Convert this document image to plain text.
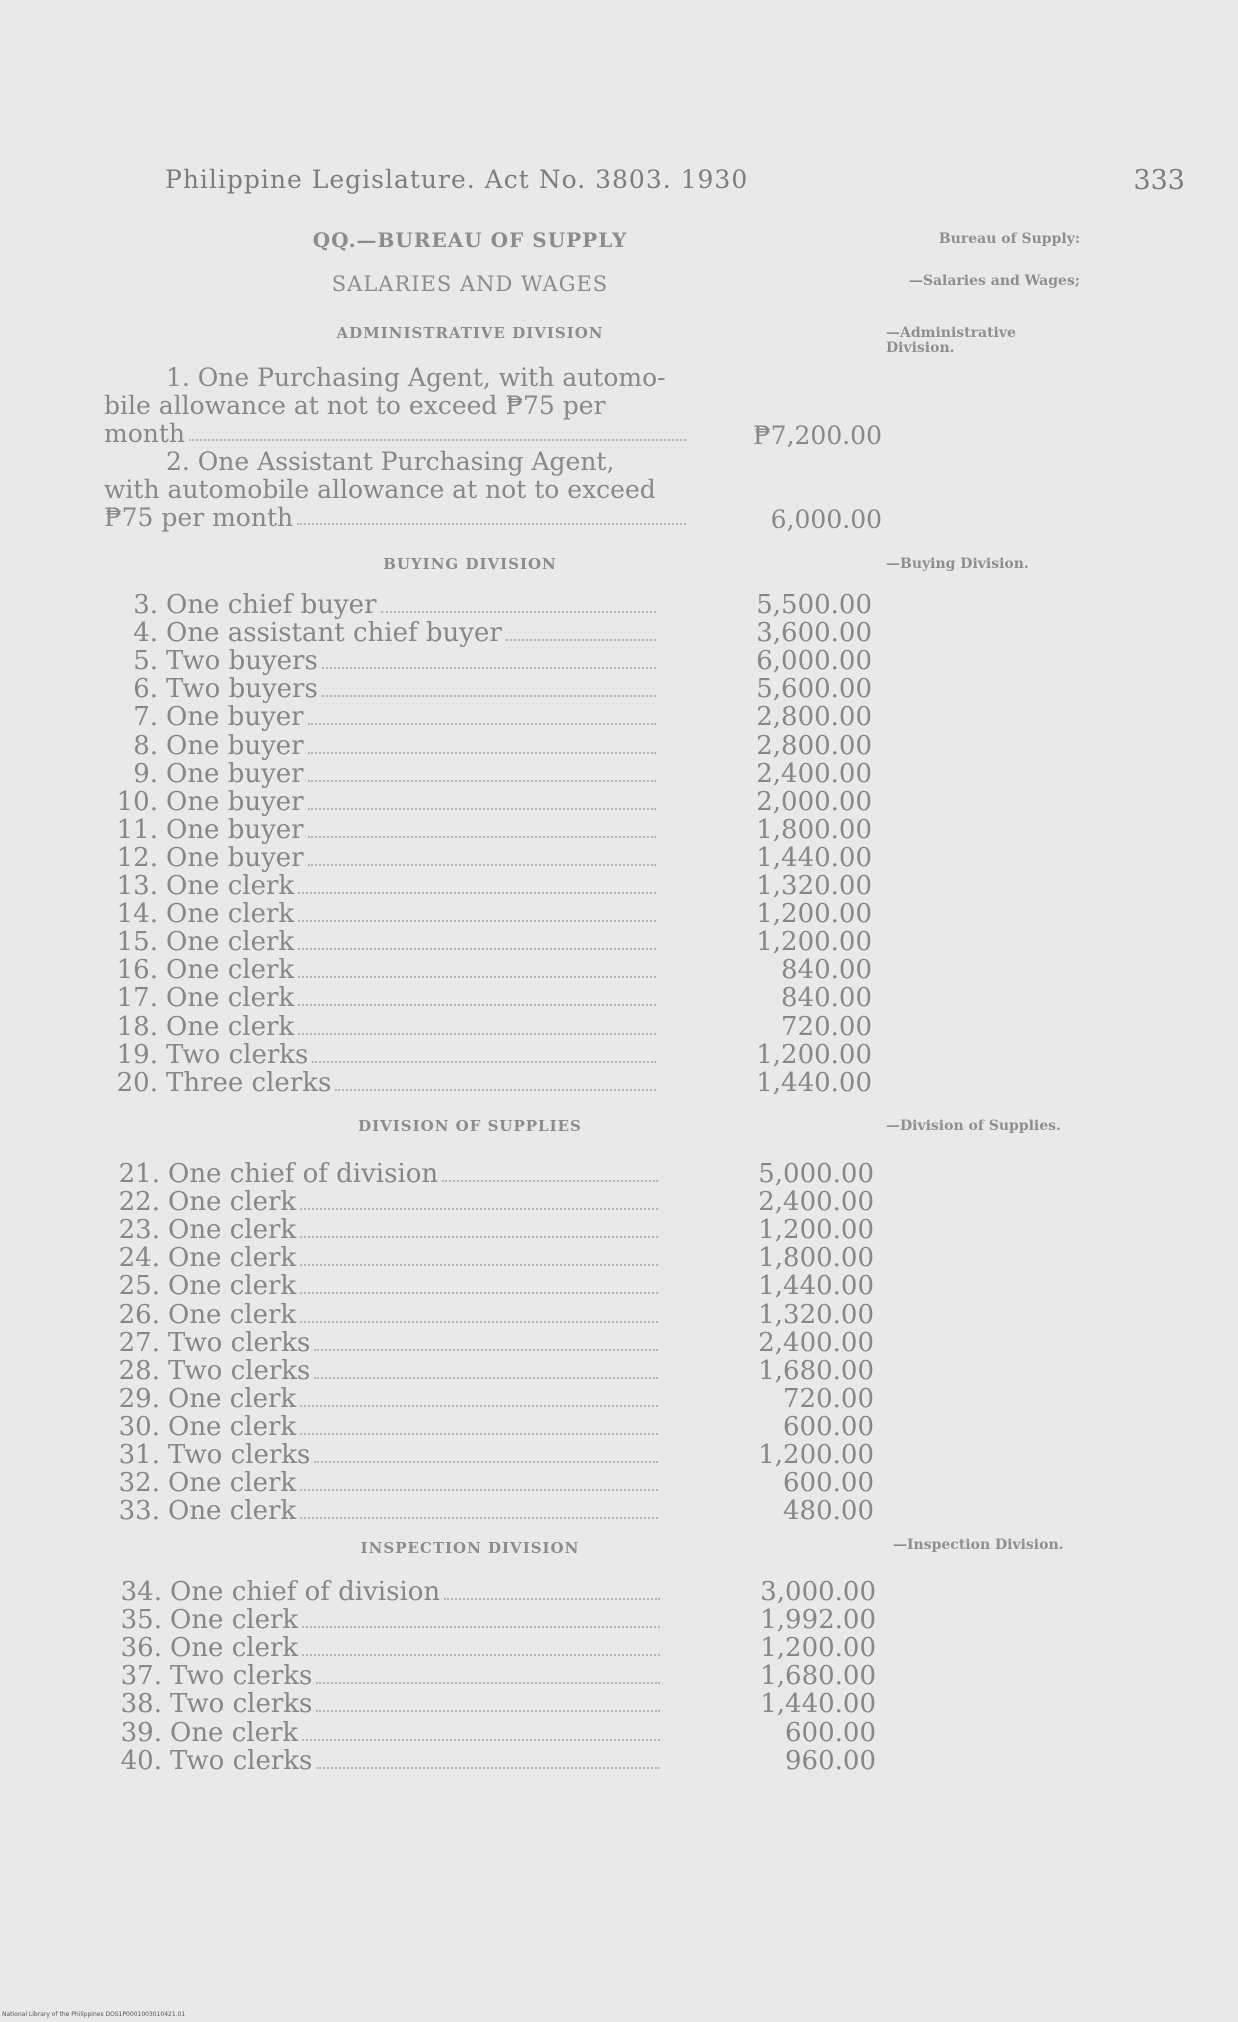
Philippine Legislature. Act No. 3803. 1930	333
QQ.—BUREAU OF SUPPLY
SALARIES AND WAGES
ADMINISTRATIVE DIVISION
Bureau of Supply:
—Salaries and Wages;
—Administrative Division.
1. One Purchasing Agent, with automo-
bile allowance at not to exceed ₱75 per
month	₱7,200.00
2. One Assistant Purchasing Agent,
with automobile allowance at not to exceed
₱75 per month	6,000.00
BUYING DIVISION	—Buying Division.
3. One chief buyer	5,500.00
4. One assistant chief buyer	3,600.00
5. Two buyers	6,000.00
6. Two buyers	5,600.00
7. One buyer	2,800.00
8. One buyer	2,800.00
9. One buyer	2,400.00
10. One buyer	2,000.00
11. One buyer	1,800.00
12. One buyer	1,440.00
13. One clerk	1,320.00
14. One clerk	1,200.00
15. One clerk	1,200.00
16. One clerk	840.00
17. One clerk	840.00
18. One clerk	720.00
19. Two clerks	1,200.00
20. Three clerks	1,440.00
DIVISION OF SUPPLIES	—Division of Supplies.
21. One chief of division	5,000.00
22. One clerk	2,400.00
23. One clerk	1,200.00
24. One clerk	1,800.00
25. One clerk	1,440.00
26. One clerk	1,320.00
27. Two clerks	2,400.00
28. Two clerks	1,680.00
29. One clerk	720.00
30. One clerk	600.00
31. Two clerks	1,200.00
32. One clerk	600.00
33. One clerk	480.00
INSPECTION DIVISION	—Inspection Division.
34. One chief of division	3,000.00
35. One clerk	1,992.00
36. One clerk	1,200.00
37. Two clerks	1,680.00
38. Two clerks	1,440.00
39. One clerk	600.00
40. Two clerks	960.00
National Library of the Philippines DOS1P0001003010421.01
